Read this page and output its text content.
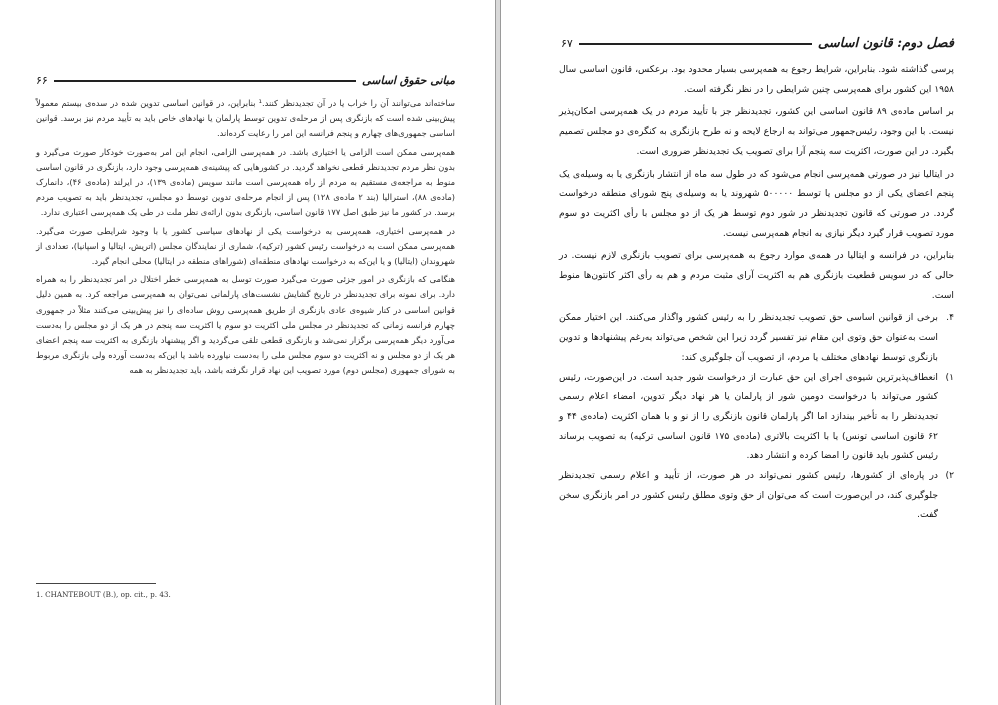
مبانی حقوق اساسی
۶۶

ساخته‌اند می‌توانند آن را خراب یا در آن تجدیدنظر کنند.¹ بنابراین، در قوانین اساسی تدوین شده در سده‌ی بیستم معمولاً پیش‌بینی شده است که بازنگری پس از مرحله‌ی تدوین توسط پارلمان یا نهادهای خاص باید به تأیید مردم نیز برسد. قوانین اساسی جمهوری‌های چهارم و پنجم فرانسه این امر را رعایت کرده‌اند.

همه‌پرسی ممکن است الزامی یا اختیاری باشد. در همه‌پرسی الزامی، انجام این امر به‌صورت خودکار صورت می‌گیرد و بدون نظر مردم تجدیدنظر قطعی نخواهد گردید. در کشورهایی که پیشینه‌ی همه‌پرسی وجود دارد، بازنگری در قانون اساسی منوط به مراجعه‌ی مستقیم به مردم از راه همه‌پرسی است مانند سویس (ماده‌ی ۱۳۹)، در ایرلند (ماده‌ی ۴۶)، دانمارک (ماده‌ی ۸۸)، استرالیا (بند ۲ ماده‌ی ۱۲۸) پس از انجام مرحله‌ی تدوین توسط دو مجلس، تجدیدنظر باید به تصویب مردم برسد. در کشور ما نیز طبق اصل ۱۷۷ قانون اساسی، بازنگری بدون ارائه‌ی نظر ملت در طی یک همه‌پرسی اعتباری ندارد.

در همه‌پرسی اختیاری، همه‌پرسی به درخواست یکی از نهادهای سیاسی کشور یا با وجود شرایطی صورت می‌گیرد. همه‌پرسی ممکن است به درخواست رئیس کشور (ترکیه)، شماری از نمایندگان مجلس (اتریش، ایتالیا و اسپانیا)، تعدادی از شهروندان (ایتالیا) و یا این‌که به درخواست نهادهای منطقه‌ای (شوراهای منطقه در ایتالیا) محلی انجام گیرد.

هنگامی که بازنگری در امور جزئی صورت می‌گیرد صورت توسل به همه‌پرسی خطر اختلال در امر تجدیدنظر را به همراه دارد. برای نمونه برای تجدیدنظر در تاریخ گشایش نشست‌های پارلمانی نمی‌توان به همه‌پرسی مراجعه کرد. به همین دلیل قوانین اساسی در کنار شیوه‌ی عادی بازنگری از طریق همه‌پرسی روش ساده‌ای را نیز پیش‌بینی می‌کنند مثلاً در جمهوری چهارم فرانسه زمانی که تجدیدنظر در مجلس ملی اکثریت دو سوم یا اکثریت سه پنجم در هر یک از دو مجلس را به‌دست می‌آورد دیگر همه‌پرسی برگزار نمی‌شد و بازنگری قطعی تلقی می‌گردید و اگر پیشنهاد بازنگری به اکثریت سه پنجم اعضای هر یک از دو مجلس و نه اکثریت دو سوم مجلس ملی را به‌دست نیاورده باشد یا این‌که به‌دست آورده ولی بازنگری مربوط به شورای جمهوری (مجلس دوم) مورد تصویب این نهاد قرار نگرفته باشد، باید تجدیدنظر به همه

1. CHANTEBOUT (B.), op. cit., p. 43.
فصل دوم: قانون اساسی
۶۷

پرسی گذاشته شود. بنابراین، شرایط رجوع به همه‌پرسی بسیار محدود بود. برعکس، قانون اساسی سال ۱۹۵۸ این کشور برای همه‌پرسی چنین شرایطی را در نظر نگرفته است.

بر اساس ماده‌ی ۸۹ قانون اساسی این کشور، تجدیدنظر جز با تأیید مردم در یک همه‌پرسی امکان‌پذیر نیست. با این وجود، رئیس‌جمهور می‌تواند به ارجاع لایحه و نه طرح بازنگری به کنگره‌ی دو مجلس تصمیم بگیرد. در این صورت، اکثریت سه پنجم آرا برای تصویب یک تجدیدنظر ضروری است.

در ایتالیا نیز در صورتی همه‌پرسی انجام می‌شود که در طول سه ماه از انتشار بازنگری یا به وسیله‌ی یک پنجم اعضای یکی از دو مجلس یا توسط ۵۰۰۰۰۰ شهروند یا به وسیله‌ی پنج شورای منطقه درخواست گردد. در صورتی که قانون تجدیدنظر در شور دوم توسط هر یک از دو مجلس با رأی اکثریت دو سوم مورد تصویب قرار گیرد دیگر نیازی به انجام همه‌پرسی نیست.

بنابراین، در فرانسه و ایتالیا در همه‌ی موارد رجوع به همه‌پرسی برای تصویب بازنگری لازم نیست. در حالی که در سویس قطعیت بازنگری هم به اکثریت آرای مثبت مردم و هم به رأی اکثر کانتون‌ها منوط است.

۴.
برخی از قوانین اساسی حق تصویب تجدیدنظر را به رئیس کشور واگذار می‌کنند. این اختیار ممکن است به‌عنوان حق وتوی این مقام نیز تفسیر گردد زیرا این شخص می‌تواند به‌رغم پیشنهادها و تدوین بازنگری توسط نهادهای مختلف یا مردم، از تصویب آن جلوگیری کند:
۱)
انعطاف‌پذیرترین شیوه‌ی اجرای این حق عبارت از درخواست شور جدید است. در این‌صورت، رئیس کشور می‌تواند با درخواست دومین شور از پارلمان یا هر نهاد دیگر تدوین، امضاء اعلام رسمی تجدیدنظر را به تأخیر بیندازد اما اگر پارلمان قانون بازنگری را از نو و با همان اکثریت (ماده‌ی ۴۴ و ۶۲ قانون اساسی تونس) یا با اکثریت بالاتری (ماده‌ی ۱۷۵ قانون اساسی ترکیه) به تصویب برساند رئیس کشور باید قانون را امضا کرده و انتشار دهد.
۲)
در پاره‌ای از کشورها، رئیس کشور نمی‌تواند در هر صورت، از تأیید و اعلام رسمی تجدیدنظر جلوگیری کند، در این‌صورت است که می‌توان از حق وتوی مطلق رئیس کشور در امر بازنگری سخن گفت.
